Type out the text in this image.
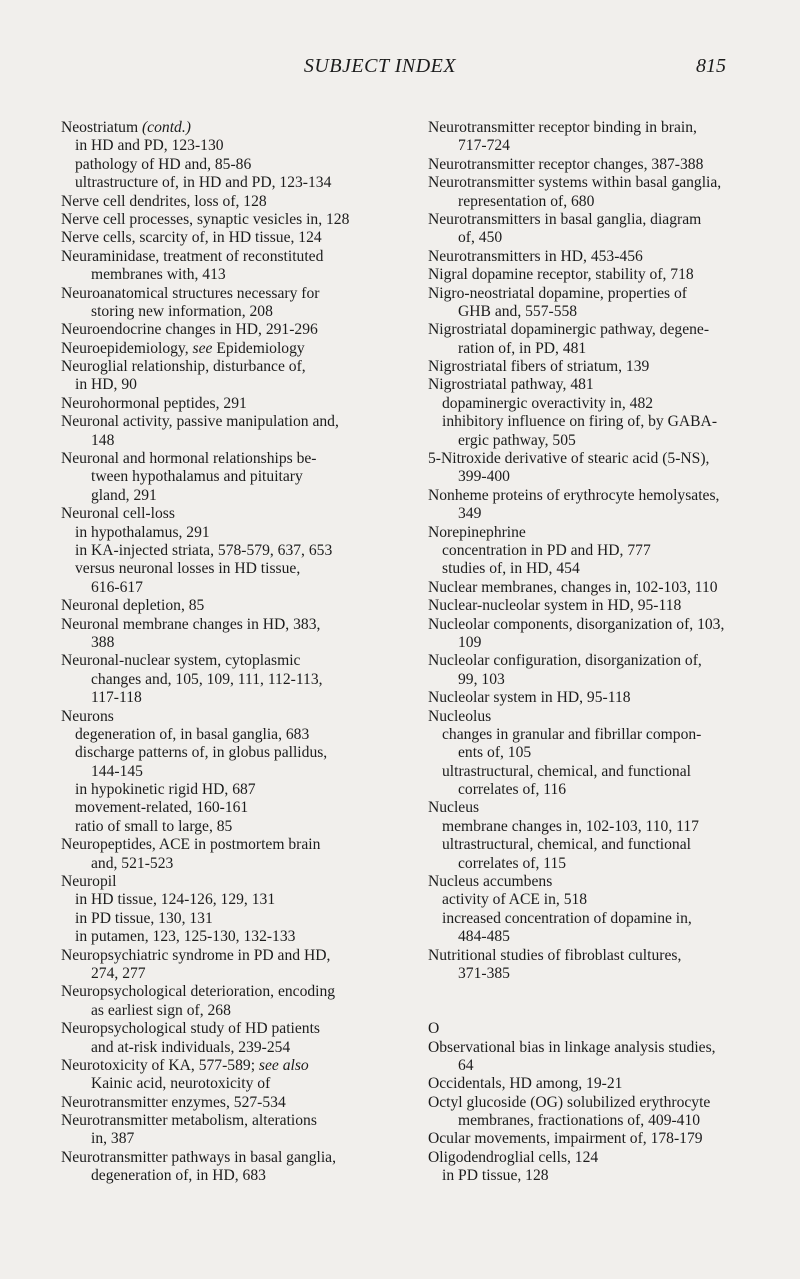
SUBJECT INDEX	815
Neostriatum (contd.)
in HD and PD, 123-130
pathology of HD and, 85-86
ultrastructure of, in HD and PD, 123-134
Nerve cell dendrites, loss of, 128
Nerve cell processes, synaptic vesicles in, 128
Nerve cells, scarcity of, in HD tissue, 124
Neuraminidase, treatment of reconstituted
membranes with, 413
Neuroanatomical structures necessary for
storing new information, 208
Neuroendocrine changes in HD, 291-296
Neuroepidemiology, see Epidemiology
Neuroglial relationship, disturbance of,
in HD, 90
Neurohormonal peptides, 291
Neuronal activity, passive manipulation and,
148
Neuronal and hormonal relationships be-
tween hypothalamus and pituitary
gland, 291
Neuronal cell-loss
in hypothalamus, 291
in KA-injected striata, 578-579, 637, 653
versus neuronal losses in HD tissue,
616-617
Neuronal depletion, 85
Neuronal membrane changes in HD, 383,
388
Neuronal-nuclear system, cytoplasmic
changes and, 105, 109, 111, 112-113,
117-118
Neurons
degeneration of, in basal ganglia, 683
discharge patterns of, in globus pallidus,
144-145
in hypokinetic rigid HD, 687
movement-related, 160-161
ratio of small to large, 85
Neuropeptides, ACE in postmortem brain
and, 521-523
Neuropil
in HD tissue, 124-126, 129, 131
in PD tissue, 130, 131
in putamen, 123, 125-130, 132-133
Neuropsychiatric syndrome in PD and HD,
274, 277
Neuropsychological deterioration, encoding
as earliest sign of, 268
Neuropsychological study of HD patients
and at-risk individuals, 239-254
Neurotoxicity of KA, 577-589; see also
Kainic acid, neurotoxicity of
Neurotransmitter enzymes, 527-534
Neurotransmitter metabolism, alterations
in, 387
Neurotransmitter pathways in basal ganglia,
degeneration of, in HD, 683
Neurotransmitter receptor binding in brain,
717-724
Neurotransmitter receptor changes, 387-388
Neurotransmitter systems within basal ganglia,
representation of, 680
Neurotransmitters in basal ganglia, diagram
of, 450
Neurotransmitters in HD, 453-456
Nigral dopamine receptor, stability of, 718
Nigro-neostriatal dopamine, properties of
GHB and, 557-558
Nigrostriatal dopaminergic pathway, degene-
ration of, in PD, 481
Nigrostriatal fibers of striatum, 139
Nigrostriatal pathway, 481
dopaminergic overactivity in, 482
inhibitory influence on firing of, by GABA-
ergic pathway, 505
5-Nitroxide derivative of stearic acid (5-NS),
399-400
Nonheme proteins of erythrocyte hemolysates,
349
Norepinephrine
concentration in PD and HD, 777
studies of, in HD, 454
Nuclear membranes, changes in, 102-103, 110
Nuclear-nucleolar system in HD, 95-118
Nucleolar components, disorganization of, 103,
109
Nucleolar configuration, disorganization of,
99, 103
Nucleolar system in HD, 95-118
Nucleolus
changes in granular and fibrillar compon-
ents of, 105
ultrastructural, chemical, and functional
correlates of, 116
Nucleus
membrane changes in, 102-103, 110, 117
ultrastructural, chemical, and functional
correlates of, 115
Nucleus accumbens
activity of ACE in, 518
increased concentration of dopamine in,
484-485
Nutritional studies of fibroblast cultures,
371-385
O
Observational bias in linkage analysis studies,
64
Occidentals, HD among, 19-21
Octyl glucoside (OG) solubilized erythrocyte
membranes, fractionations of, 409-410
Ocular movements, impairment of, 178-179
Oligodendroglial cells, 124
in PD tissue, 128
